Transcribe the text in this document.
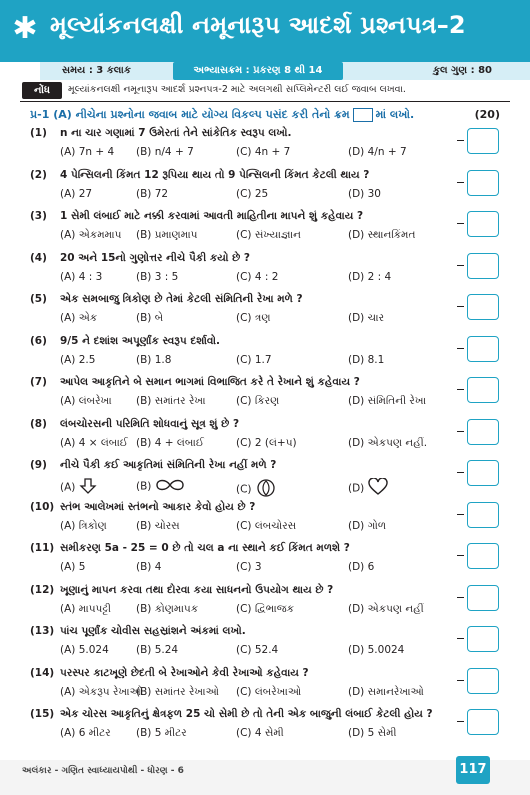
✱ મૂલ્યાંકનલક્ષી નમૂનારૂપ આદર્શ પ્રશ્નપત્ર–2
સમય : 3 કલાક	અભ્યાસક્રમ : પ્રકરણ 8 થી 14	કુલ ગુણ : 80
નોંધ	મૂલ્યાંકનલક્ષી નમૂનારૂપ આદર્શ પ્રશ્નપત્ર-2 માટે અલગથી સપ્લિમેન્ટરી લઈ જવાબ લખવા.
પ્ર-1 (A) નીચેના પ્રશ્નોના જવાબ માટે યોગ્ય વિકલ્પ પસંદ કરી તેનો ક્રમ માં લખો.	(20)
(1) n ના ચાર ગણામાં 7 ઉમેરતાં તેને સાંકેતિક સ્વરૂપ લખો.
(A) 7n + 4 (B) n/4 + 7	(C) 4n + 7	(D) 4/n + 7
(2) 4 પેન્સિલની કિંમત 12 રૂપિયા થાય તો 9 પેન્સિલની કિંમત કેટલી થાય ?
(A) 27	(B) 72	(C) 25	(D) 30
(3) 1 સેમી લંબાઈ માટે નક્કી કરવામાં આવતી માહિતીના માપને શું કહેવાય ?
(A) એકમમાપ (B) પ્રમાણમાપ	(C) સંખ્યાજ્ઞાન	(D) સ્થાનકિંમત
(4) 20 અને 15નો ગુણોત્તર નીચે પૈકી કયો છે ?
(A) 4 : 3	(B) 3 : 5	(C) 4 : 2	(D) 2 : 4
(5) એક સમબાજુ ત્રિકોણ છે તેમાં કેટલી સંમિતિની રેખા મળે ?
(A) એક	(B) બે	(C) ત્રણ	(D) ચાર
(6) 9/5 ને દશાંશ અપૂર્ણાંક સ્વરૂપ દર્શાવો.
(A) 2.5	(B) 1.8	(C) 1.7	(D) 8.1
(7) આપેલ આકૃતિને બે સમાન ભાગમાં વિભાજિત કરે તે રેખાને શું કહેવાય ?
(A) લંબરેખા (B) સમાંતર રેખા	(C) કિરણ	(D) સંમિતિની રેખા
(8) લંબચોરસની પરિમિતિ શોધવાનું સૂત્ર શું છે ?
(A) 4 × લંબાઈ (B) 4 + લંબાઈ	(C) 2 (લં+પ)	(D) એકપણ નહીં.
(9) નીચે પૈકી કઈ આકૃતિમાં સંમિતિની રેખા નહીં મળે ?
(A)	(B)	(C)	(D)
(10) સ્તંભ આલેખમાં સ્તંભનો આકાર કેવો હોય છે ?
(A) ત્રિકોણ	(B) ચોરસ	(C) લંબચોરસ	(D) ગોળ
(11) સમીકરણ 5a - 25 = 0 છે તો ચલ a ના સ્થાને કઈ કિંમત મળશે ?
(A) 5	(B) 4	(C) 3	(D) 6
(12) ખૂણાનું માપન કરવા તથા દોરવા કયા સાધનનો ઉપયોગ થાય છે ?
(A) માપપટ્ટી (B) કોણમાપક	(C) દ્વિભાજક	(D) એકપણ નહીં
(13) પાંચ પૂર્ણાંક ચોવીસ સહસ્રાંશને અંકમાં લખો.
(A) 5.024	(B) 5.24	(C) 52.4	(D) 5.0024
(14) પરસ્પર કાટખૂણે છેદતી બે રેખાઓને કેવી રેખાઓ કહેવાય ?
(A) એકરૂપ રેખાઓ
(B) સમાંતર રેખાઓ (C) લંબરેખાઓ	(D) સમાનરેખાઓ
(15) એક ચોરસ આકૃતિનું ક્ષેત્રફળ 25 ચો સેમી છે તો તેની એક બાજુની લંબાઈ કેટલી હોય ?
(A) 6 મીટર (B) 5 મીટર	(C) 4 સેમી	(D) 5 સેમી
અલંકાર - ગણિત સ્વાધ્યાયપોથી - ધોરણ - 6	117
